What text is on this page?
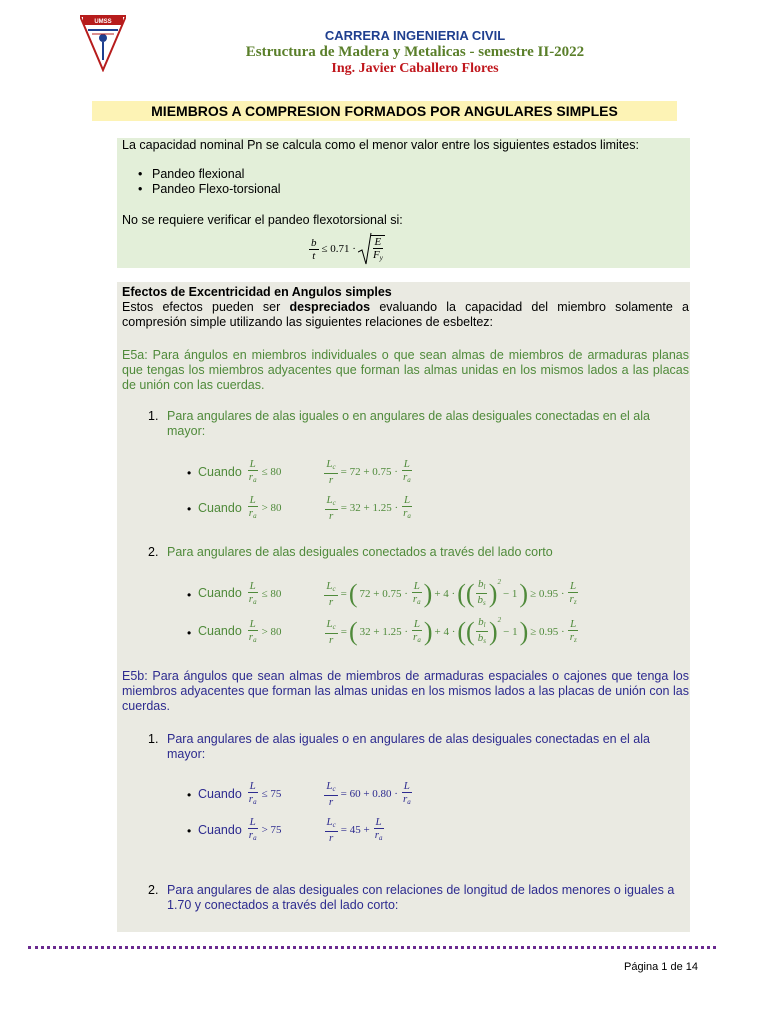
UMSS
CARRERA INGENIERIA CIVIL
Estructura de Madera y Metalicas - semestre II-2022
Ing. Javier Caballero Flores
MIEMBROS A COMPRESION FORMADOS POR ANGULARES SIMPLES
La capacidad nominal Pn se calcula como el menor valor entre los siguientes estados limites:
• Pandeo flexional
• Pandeo Flexo-torsional
No se requiere verificar el pandeo flexotorsional si:
$\frac{b}{t} \le 0.71 \cdot \frac{E}{F_y}$
Efectos de Excentricidad en Angulos simples
Estos efectos pueden ser despreciados evaluando la capacidad del miembro solamente a compresión simple utilizando las siguientes relaciones de esbeltez:
E5a: Para ángulos en miembros individuales o que sean almas de miembros de armaduras planas que tengas los miembros adyacentes que forman las almas unidas en los mismos lados a las placas de unión con las cuerdas.
1. Para angulares de alas iguales o en angulares de alas desiguales conectadas en el ala mayor:
Cuando $\frac{L}{r_a} \le 80$	$\frac{L_c}{r} = 72 + 0.75 \cdot \frac{L}{r_a}$
•
Cuando $\frac{L}{r_a} > 80$	$\frac{L_c}{r} = 32 + 1.25 \cdot \frac{L}{r_a}$
•
2. Para angulares de alas desiguales conectados a través del lado corto
Cuando $\frac{L}{r_a} \le 80$	$\frac{L_c}{r}$ = ( $72 + 0.75 \cdot \frac{L}{r_a}$ ) + 4 · ( ( $\frac{b_l}{b_s} )^2$
− 1 ) ≥ $0.95 \cdot \frac{L}{r_z}$
•
Cuando $\frac{L}{r_a} > 80$	$\frac{L_c}{r}$ = ( $32 + 1.25 \cdot \frac{L}{r_a}$ ) + 4 · ( ( $\frac{b_l}{b_s} )^2$
− 1 ) ≥ $0.95 \cdot \frac{L}{r_z}$
•
E5b: Para ángulos que sean almas de miembros de armaduras espaciales o cajones que tenga los miembros adyacentes que forman las almas unidas en los mismos lados a las placas de unión con las cuerdas.
1. Para angulares de alas iguales o en angulares de alas desiguales conectadas en el ala mayor:
Cuando $\frac{L}{r_a} \le 75$	$\frac{L_c}{r} = 60 + 0.80 \cdot \frac{L}{r_a}$
•
Cuando $\frac{L}{r_a} > 75$	$\frac{L_c}{r} = 45 + \frac{L}{r_a}$
•
2. Para angulares de alas desiguales con relaciones de longitud de lados menores o iguales a 1.70 y conectados a través del lado corto:
Página 1 de 14
